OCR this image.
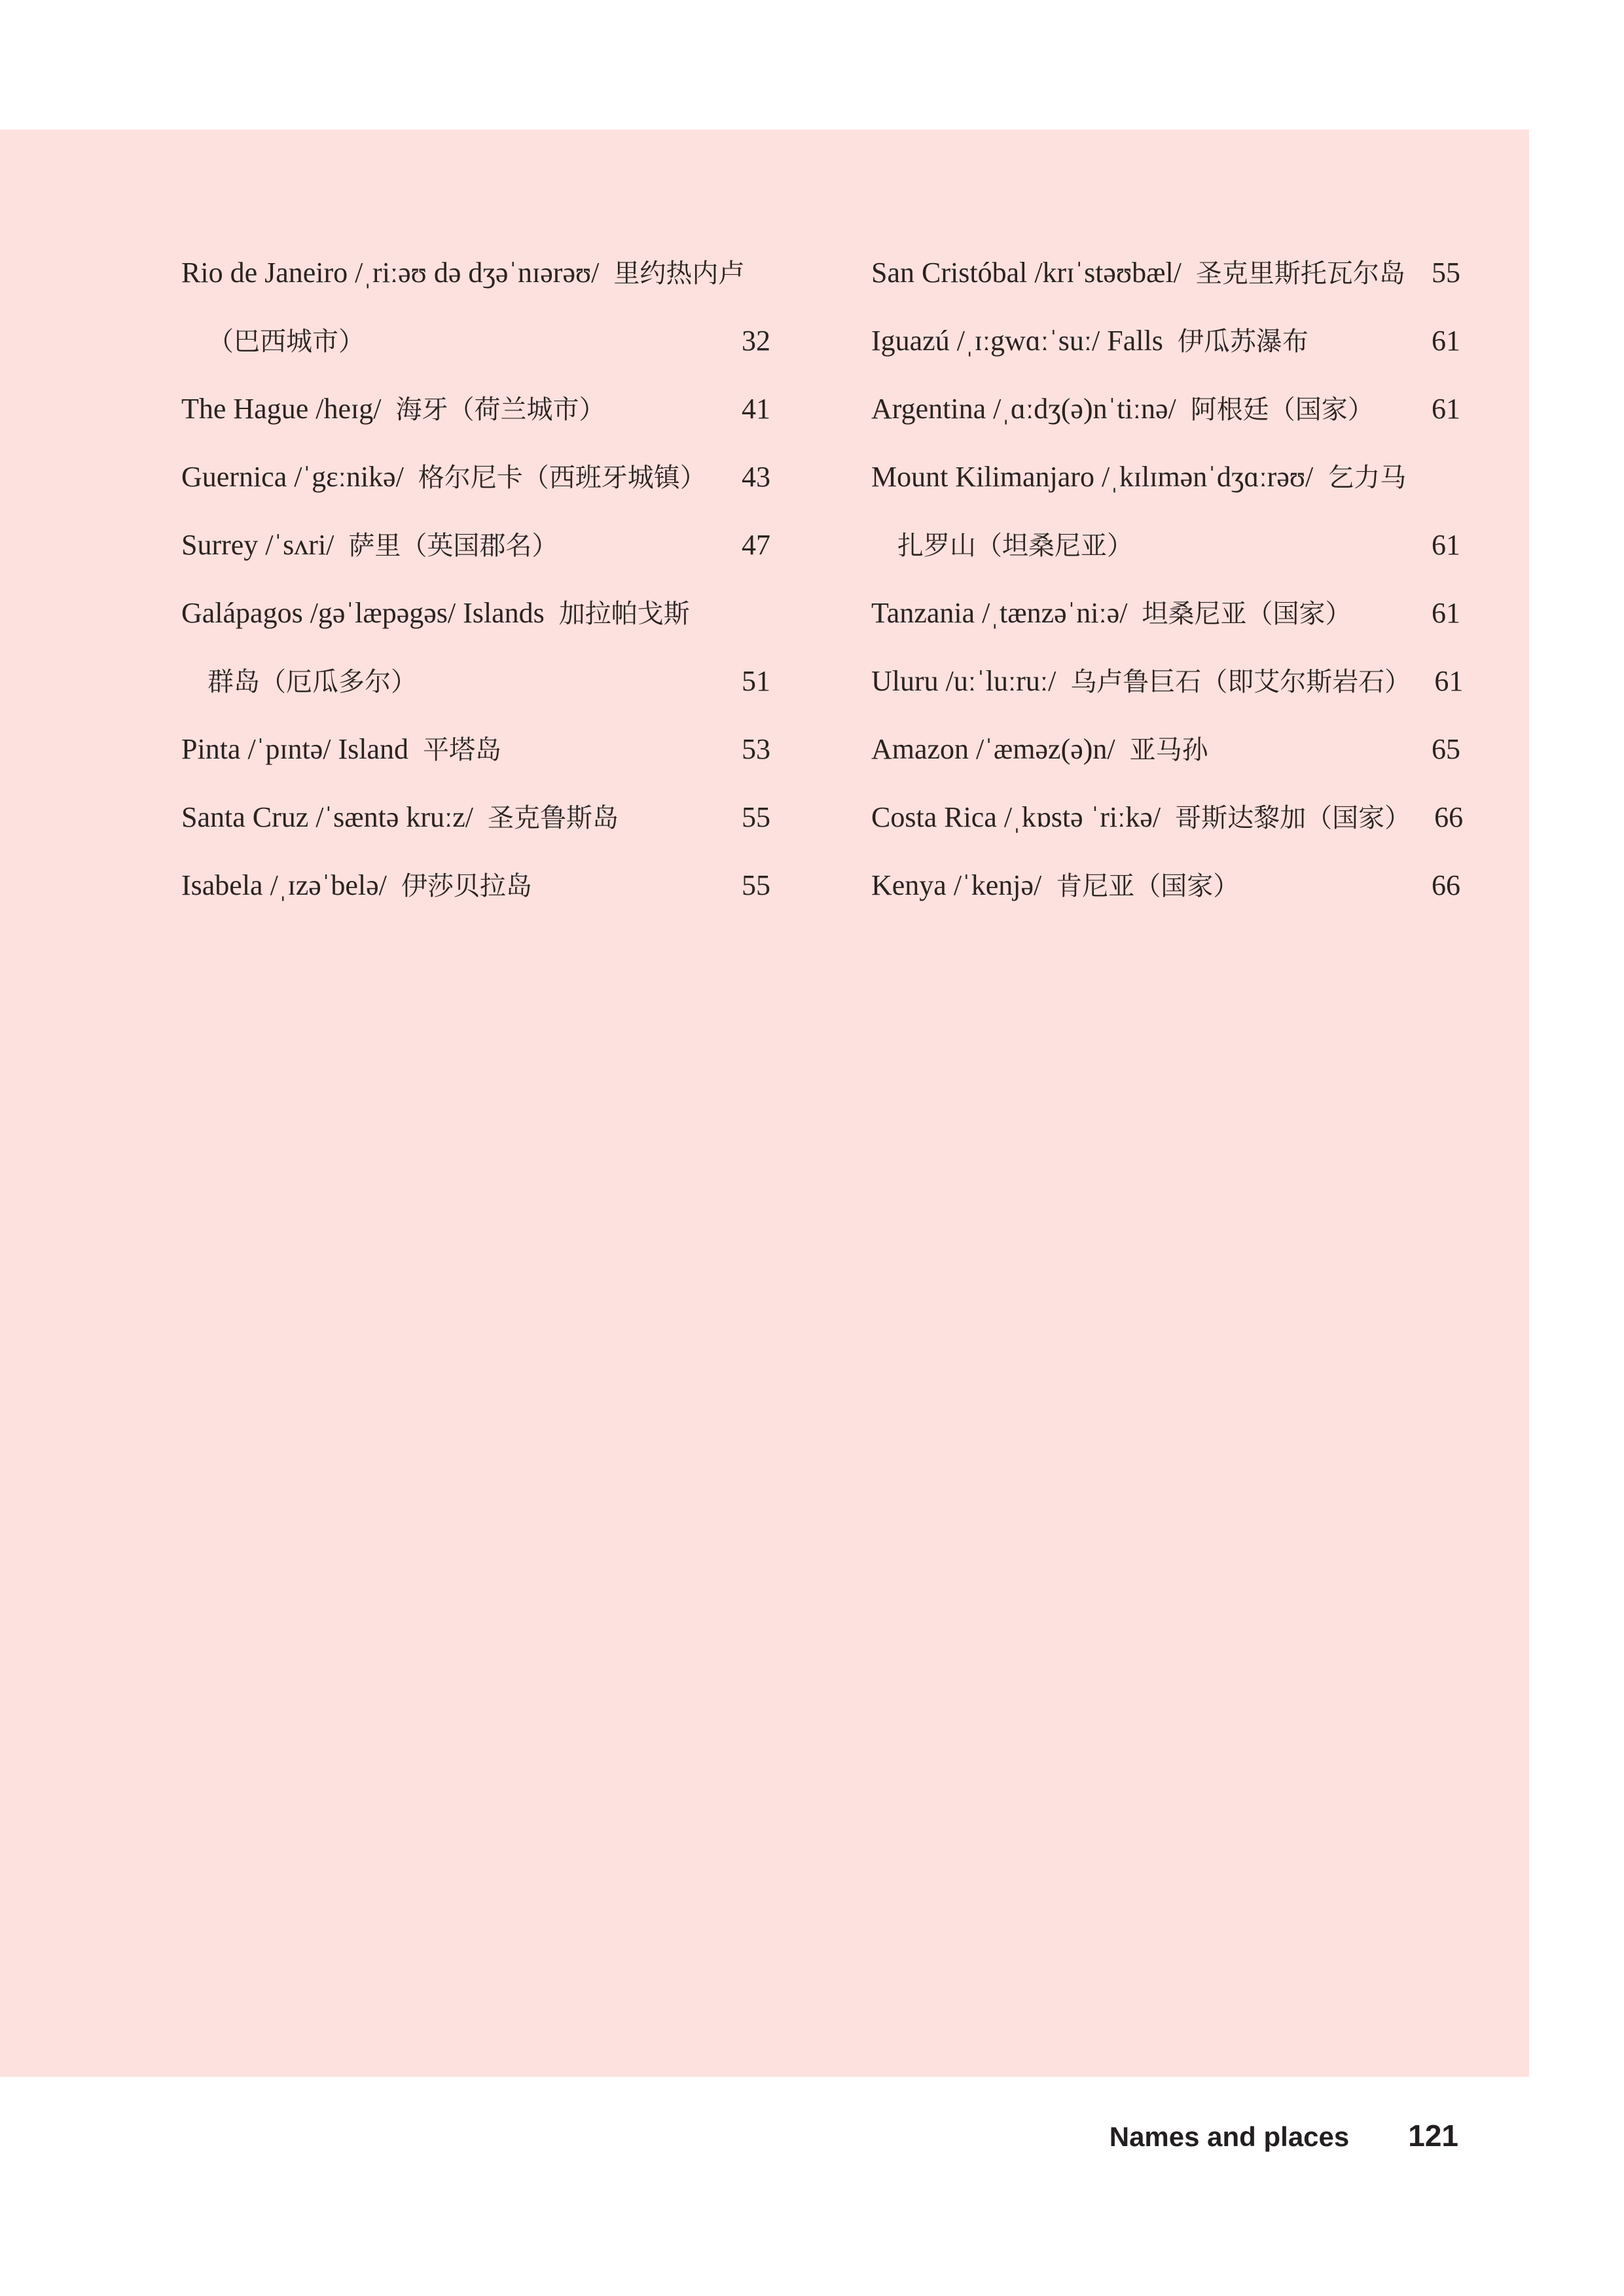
Rio de Janeiro /ˌriːəʊ də dʒəˈnɪərəʊ/ 里约热内卢
（巴西城市）	32
The Hague /heɪg/ 海牙（荷兰城市）	41
Guernica /ˈgɛːnikə/ 格尔尼卡（西班牙城镇）	43
Surrey /ˈsʌri/ 萨里（英国郡名）	47
Galápagos /gəˈlæpəgəs/ Islands 加拉帕戈斯
群岛（厄瓜多尔）	51
Pinta /ˈpɪntə/ Island 平塔岛	53
Santa Cruz /ˈsæntə kruːz/ 圣克鲁斯岛	55
Isabela /ˌɪzəˈbelə/ 伊莎贝拉岛	55
San Cristóbal /krɪˈstəʊbæl/ 圣克里斯托瓦尔岛 55
Iguazú /ˌɪːgwɑːˈsuː/ Falls 伊瓜苏瀑布	61
Argentina /ˌɑːdʒ(ə)nˈtiːnə/ 阿根廷（国家）	61
Mount Kilimanjaro /ˌkɪlɪmənˈdʒɑːrəʊ/ 乞力马
扎罗山（坦桑尼亚）	61
Tanzania /ˌtænzəˈniːə/ 坦桑尼亚（国家）	61
Uluru /uːˈluːruː/ 乌卢鲁巨石（即艾尔斯岩石） 61
Amazon /ˈæməz(ə)n/ 亚马孙	65
Costa Rica /ˌkɒstə ˈriːkə/ 哥斯达黎加（国家） 66
Kenya /ˈkenjə/ 肯尼亚（国家）	66
Names and places 121
